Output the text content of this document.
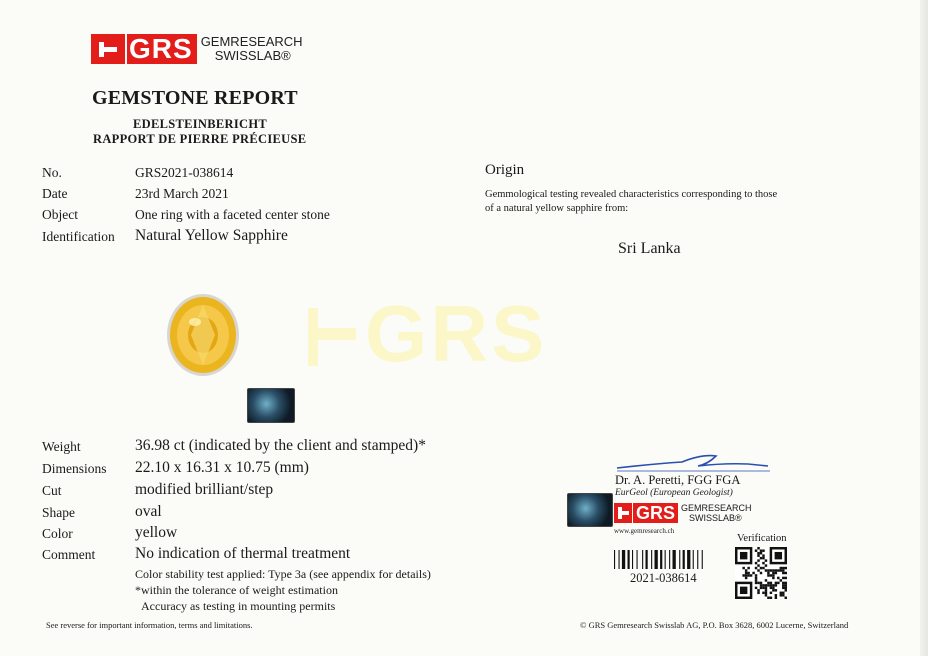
GRS GEMRESEARCH
SWISSLAB®
GEMSTONE REPORT
EDELSTEINBERICHT
RAPPORT DE PIERRE PRÉCIEUSE
No.	GRS2021-038614
Date	23rd March 2021
Object	One ring with a faceted center stone
Identification Natural Yellow Sapphire
Origin
Gemmological testing revealed characteristics corresponding to those
of a natural yellow sapphire from:
Sri Lanka
GRS
Weight	36.98 ct (indicated by the client and stamped)*
Dimensions 22.10 x 16.31 x 10.75 (mm)
Cut	modified brilliant/step
Shape	oval
Color	yellow
Comment	No indication of thermal treatment
Color stability test applied: Type 3a (see appendix for details)
*within the tolerance of weight estimation
Accuracy as testing in mounting permits
Dr. A. Peretti, FGG FGA
EurGeol (European Geologist)
GRS GEMRESEARCH
SWISSLAB®
www.gemresearch.ch
2021-038614
Verification
See reverse for important information, terms and limitations.	© GRS Gemresearch Swisslab AG, P.O. Box 3628, 6002 Lucerne, Switzerland
